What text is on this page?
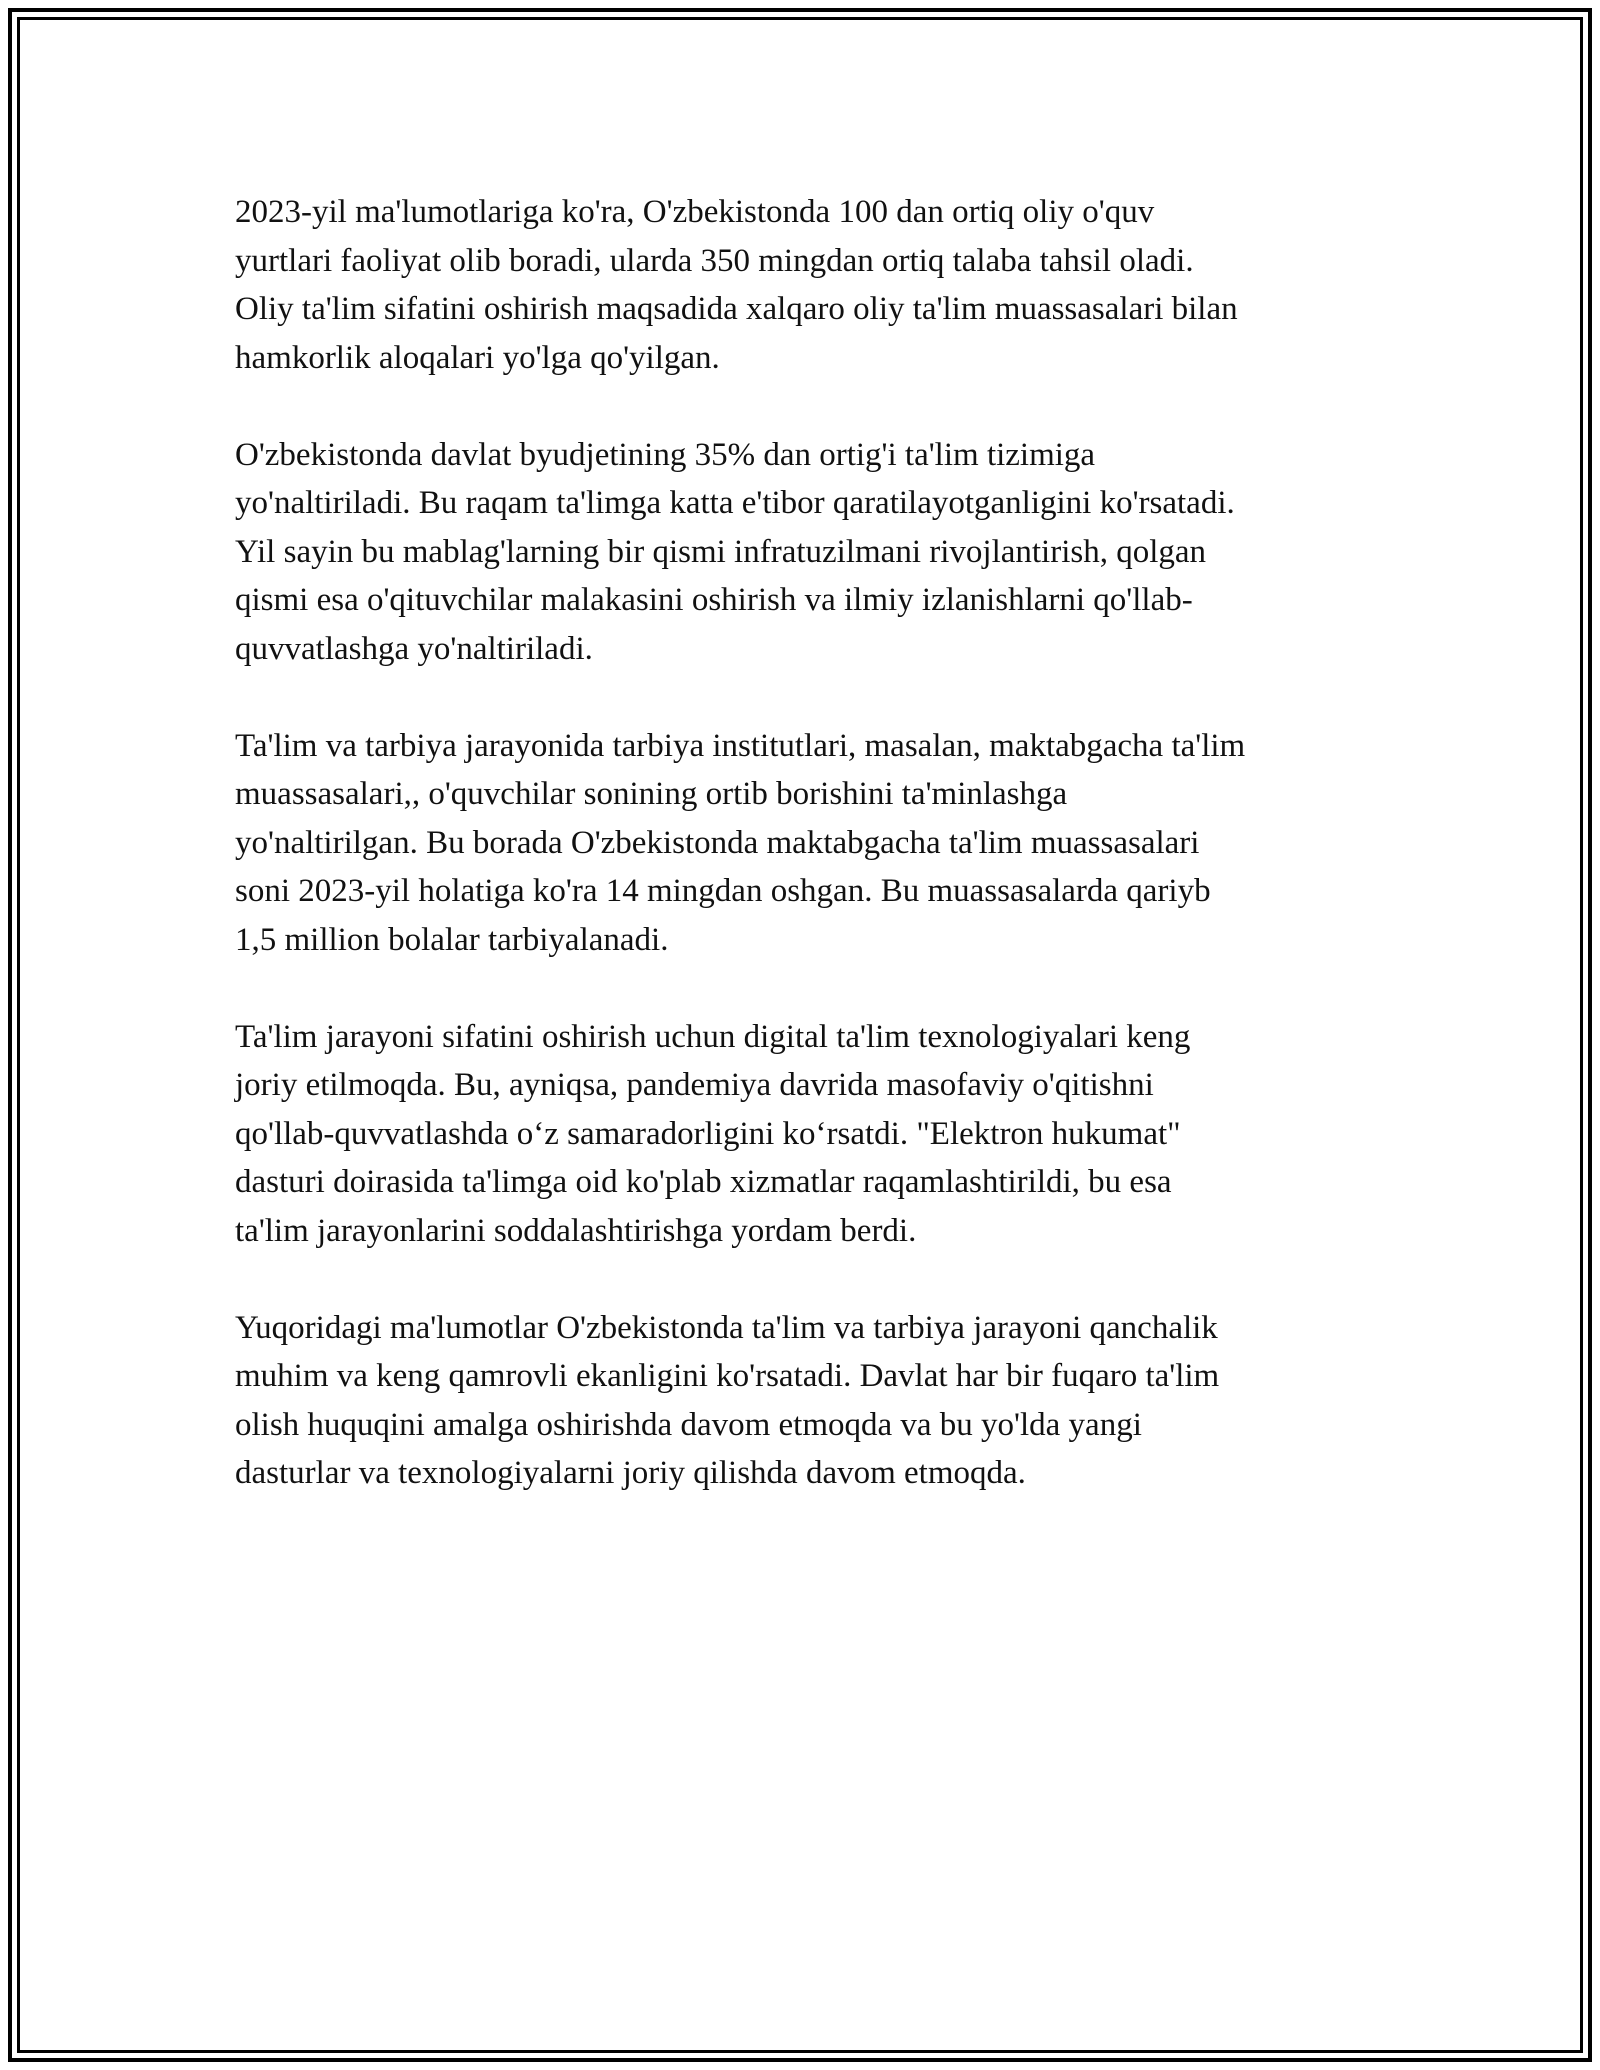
2023-yil ma'lumotlariga ko'ra, O'zbekistonda 100 dan ortiq oliy o'quv
yurtlari faoliyat olib boradi, ularda 350 mingdan ortiq talaba tahsil oladi.
Oliy ta'lim sifatini oshirish maqsadida xalqaro oliy ta'lim muassasalari bilan
hamkorlik aloqalari yo'lga qo'yilgan.

O'zbekistonda davlat byudjetining 35% dan ortig'i ta'lim tizimiga
yo'naltiriladi. Bu raqam ta'limga katta e'tibor qaratilayotganligini ko'rsatadi.
Yil sayin bu mablag'larning bir qismi infratuzilmani rivojlantirish, qolgan
qismi esa o'qituvchilar malakasini oshirish va ilmiy izlanishlarni qo'llab-
quvvatlashga yo'naltiriladi.

Ta'lim va tarbiya jarayonida tarbiya institutlari, masalan, maktabgacha ta'lim
muassasalari,, o'quvchilar sonining ortib borishini ta'minlashga
yo'naltirilgan. Bu borada O'zbekistonda maktabgacha ta'lim muassasalari
soni 2023-yil holatiga ko'ra 14 mingdan oshgan. Bu muassasalarda qariyb
1,5 million bolalar tarbiyalanadi.

Ta'lim jarayoni sifatini oshirish uchun digital ta'lim texnologiyalari keng
joriy etilmoqda. Bu, ayniqsa, pandemiya davrida masofaviy o'qitishni
qo'llab-quvvatlashda o‘z samaradorligini ko‘rsatdi. "Elektron hukumat"
dasturi doirasida ta'limga oid ko'plab xizmatlar raqamlashtirildi, bu esa
ta'lim jarayonlarini soddalashtirishga yordam berdi.

Yuqoridagi ma'lumotlar O'zbekistonda ta'lim va tarbiya jarayoni qanchalik
muhim va keng qamrovli ekanligini ko'rsatadi. Davlat har bir fuqaro ta'lim
olish huquqini amalga oshirishda davom etmoqda va bu yo'lda yangi
dasturlar va texnologiyalarni joriy qilishda davom etmoqda.
